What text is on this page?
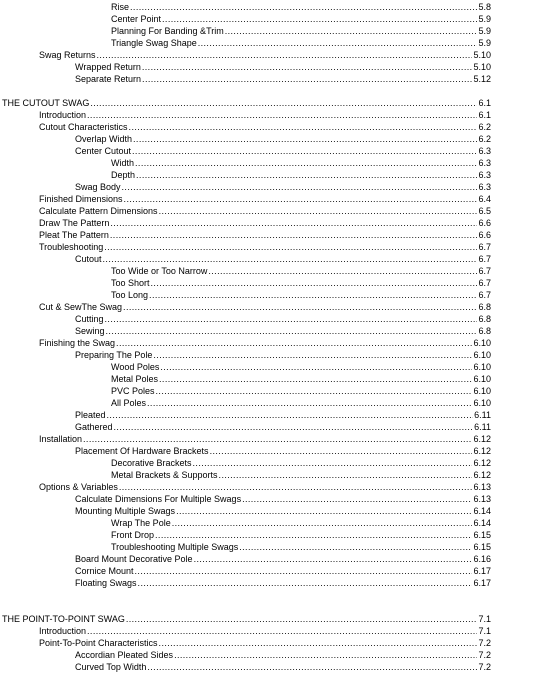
Rise .....	5.8
Center Point .....	5.9
Planning For Banding &Trim .....	5.9
Triangle Swag Shape .....	5.9
Swag Returns .....	5.10
Wrapped Return .....	5.10
Separate Return .....	5.12
THE CUTOUT SWAG .....	6.1
Introduction .....	6.1
Cutout Characteristics .....	6.2
Overlap Width .....	6.2
Center Cutout .....	6.3
Width .....	6.3
Depth .....	6.3
Swag Body .....	6.3
Finished Dimensions .....	6.4
Calculate Pattern Dimensions .....	6.5
Draw The Pattern .....	6.6
Pleat The Pattern .....	6.6
Troubleshooting .....	6.7
Cutout .....	6.7
Too Wide or Too Narrow .....	6.7
Too Short .....	6.7
Too Long .....	6.7
Cut & SewThe Swag .....	6.8
Cutting .....	6.8
Sewing .....	6.8
Finishing the Swag .....	6.10
Preparing The Pole .....	6.10
Wood Poles .....	6.10
Metal Poles .....	6.10
PVC Poles .....	6.10
All Poles .....	6.10
Pleated .....	6.11
Gathered .....	6.11
Installation .....	6.12
Placement Of Hardware Brackets .....	6.12
Decorative Brackets .....	6.12
Metal Brackets & Supports .....	6.12
Options & Variables .....	6.13
Calculate Dimensions For Multiple Swags .....	6.13
Mounting Multiple Swags .....	6.14
Wrap The Pole .....	6.14
Front Drop .....	6.15
Troubleshooting Multiple Swags .....	6.15
Board Mount Decorative Pole .....	6.16
Cornice Mount .....	6.17
Floating Swags .....	6.17
THE POINT-TO-POINT SWAG .....	7.1
Introduction .....	7.1
Point-To-Point Characteristics .....	7.2
Accordian Pleated Sides .....	7.2
Curved Top Width .....	7.2
